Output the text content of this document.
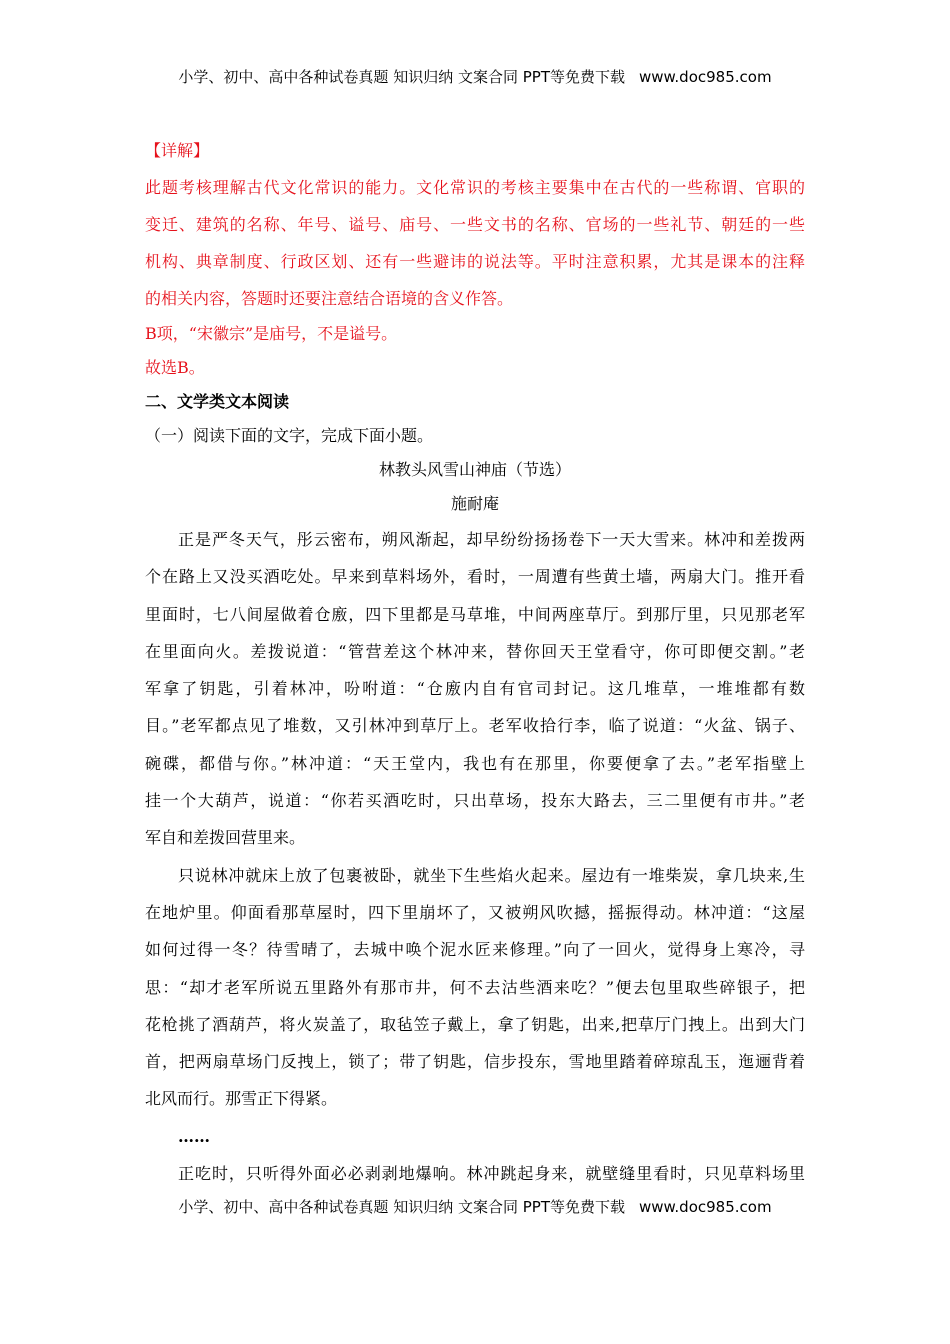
小学、初中、高中各种试卷真题 知识归纳 文案合同 PPT等免费下载 www.doc985.com
【详解】
此题考核理解古代文化常识的能力。文化常识的考核主要集中在古代的一些称谓、官职的
变迁、建筑的名称、年号、谥号、庙号、一些文书的名称、官场的一些礼节、朝廷的一些
机构、典章制度、行政区划、还有一些避讳的说法等。平时注意积累，尤其是课本的注释
的相关内容，答题时还要注意结合语境的含义作答。
B项，“宋徽宗”是庙号，不是谥号。
故选B。
二、文学类文本阅读
（一）阅读下面的文字，完成下面小题。
林教头风雪山神庙（节选）
施耐庵
正是严冬天气，彤云密布，朔风渐起，却早纷纷扬扬卷下一天大雪来。林冲和差拨两
个在路上又没买酒吃处。早来到草料场外，看时，一周遭有些黄土墙，两扇大门。推开看
里面时，七八间屋做着仓廒，四下里都是马草堆，中间两座草厅。到那厅里，只见那老军
在里面向火。差拨说道：“管营差这个林冲来，替你回天王堂看守，你可即便交割。”老
军拿了钥匙，引着林冲，吩咐道：“仓廒内自有官司封记。这几堆草，一堆堆都有数
目。”老军都点见了堆数，又引林冲到草厅上。老军收拾行李，临了说道：“火盆、锅子、
碗碟，都借与你。”林冲道：“天王堂内，我也有在那里，你要便拿了去。”老军指壁上
挂一个大葫芦，说道：“你若买酒吃时，只出草场，投东大路去，三二里便有市井。”老
军自和差拨回营里来。
只说林冲就床上放了包裹被卧，就坐下生些焰火起来。屋边有一堆柴炭，拿几块来,生
在地炉里。仰面看那草屋时，四下里崩坏了，又被朔风吹撼，摇振得动。林冲道：“这屋
如何过得一冬？待雪晴了，去城中唤个泥水匠来修理。”向了一回火，觉得身上寒冷，寻
思：“却才老军所说五里路外有那市井，何不去沽些酒来吃？”便去包里取些碎银子，把
花枪挑了酒葫芦，将火炭盖了，取毡笠子戴上，拿了钥匙，出来,把草厅门拽上。出到大门
首，把两扇草场门反拽上，锁了；带了钥匙，信步投东，雪地里踏着碎琼乱玉，迤逦背着
北风而行。那雪正下得紧。
……
正吃时，只听得外面必必剥剥地爆响。林冲跳起身来，就壁缝里看时，只见草料场里
小学、初中、高中各种试卷真题 知识归纳 文案合同 PPT等免费下载 www.doc985.com
